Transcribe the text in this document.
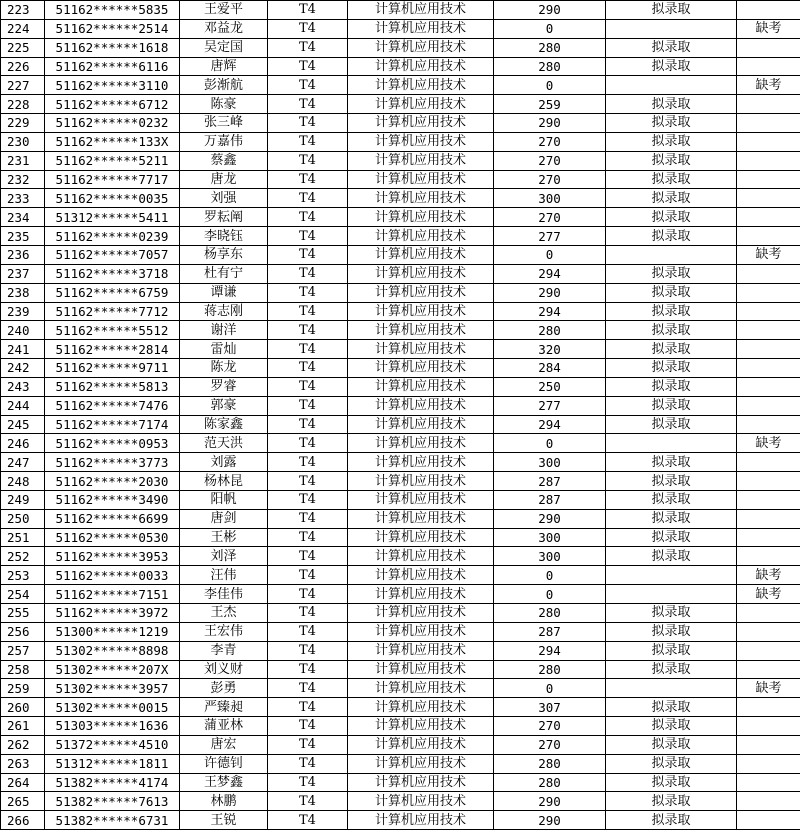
223	51162******5835	王爱平	T4	计算机应用技术	290	拟录取	
224	51162******2514	邓益龙	T4	计算机应用技术	0		缺考
225	51162******1618	吴定国	T4	计算机应用技术	280	拟录取	
226	51162******6116	唐辉	T4	计算机应用技术	280	拟录取	
227	51162******3110	彭渐航	T4	计算机应用技术	0		缺考
228	51162******6712	陈豪	T4	计算机应用技术	259	拟录取	
229	51162******0232	张三峰	T4	计算机应用技术	290	拟录取	
230	51162******133X	万嘉伟	T4	计算机应用技术	270	拟录取	
231	51162******5211	蔡鑫	T4	计算机应用技术	270	拟录取	
232	51162******7717	唐龙	T4	计算机应用技术	270	拟录取	
233	51162******0035	刘强	T4	计算机应用技术	300	拟录取	
234	51312******5411	罗耘阐	T4	计算机应用技术	270	拟录取	
235	51162******0239	李晓钰	T4	计算机应用技术	277	拟录取	
236	51162******7057	杨享东	T4	计算机应用技术	0		缺考
237	51162******3718	杜有宁	T4	计算机应用技术	294	拟录取	
238	51162******6759	谭谦	T4	计算机应用技术	290	拟录取	
239	51162******7712	蒋志刚	T4	计算机应用技术	294	拟录取	
240	51162******5512	谢洋	T4	计算机应用技术	280	拟录取	
241	51162******2814	雷灿	T4	计算机应用技术	320	拟录取	
242	51162******9711	陈龙	T4	计算机应用技术	284	拟录取	
243	51162******5813	罗睿	T4	计算机应用技术	250	拟录取	
244	51162******7476	郭豪	T4	计算机应用技术	277	拟录取	
245	51162******7174	陈家鑫	T4	计算机应用技术	294	拟录取	
246	51162******0953	范天洪	T4	计算机应用技术	0		缺考
247	51162******3773	刘露	T4	计算机应用技术	300	拟录取	
248	51162******2030	杨林昆	T4	计算机应用技术	287	拟录取	
249	51162******3490	阳帆	T4	计算机应用技术	287	拟录取	
250	51162******6699	唐剑	T4	计算机应用技术	290	拟录取	
251	51162******0530	王彬	T4	计算机应用技术	300	拟录取	
252	51162******3953	刘泽	T4	计算机应用技术	300	拟录取	
253	51162******0033	汪伟	T4	计算机应用技术	0		缺考
254	51162******7151	李佳伟	T4	计算机应用技术	0		缺考
255	51162******3972	王杰	T4	计算机应用技术	280	拟录取	
256	51300******1219	王宏伟	T4	计算机应用技术	287	拟录取	
257	51302******8898	李青	T4	计算机应用技术	294	拟录取	
258	51302******207X	刘义财	T4	计算机应用技术	280	拟录取	
259	51302******3957	彭勇	T4	计算机应用技术	0		缺考
260	51302******0015	严臻昶	T4	计算机应用技术	307	拟录取	
261	51303******1636	蒲亚林	T4	计算机应用技术	270	拟录取	
262	51372******4510	唐宏	T4	计算机应用技术	270	拟录取	
263	51312******1811	许德钊	T4	计算机应用技术	280	拟录取	
264	51382******4174	王梦鑫	T4	计算机应用技术	280	拟录取	
265	51382******7613	林鹏	T4	计算机应用技术	290	拟录取	
266	51382******6731	王锐	T4	计算机应用技术	290	拟录取	
